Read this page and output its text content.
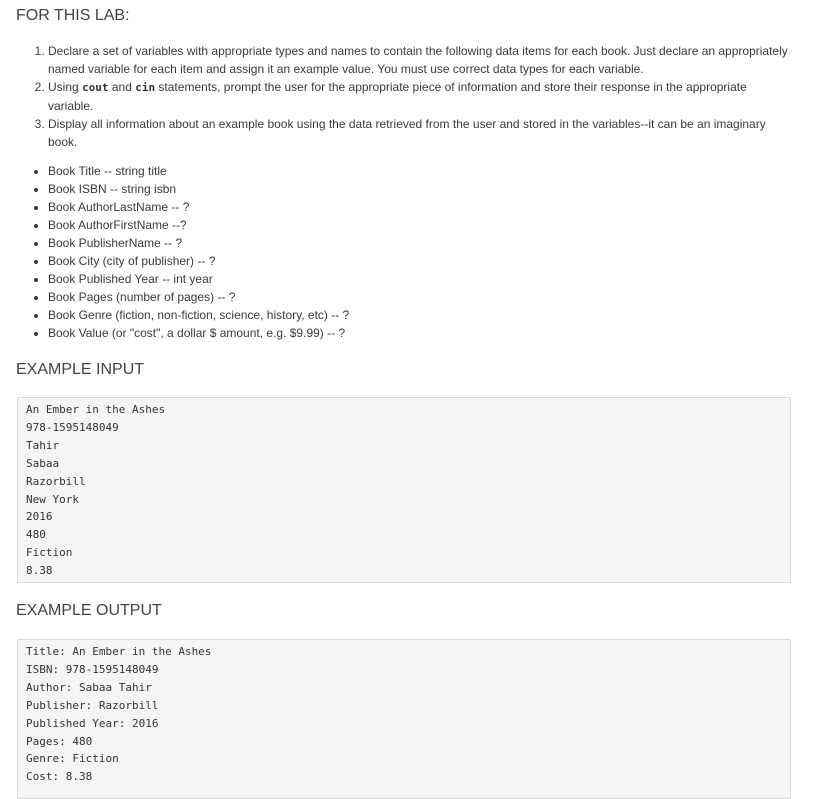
FOR THIS LAB:
1. Declare a set of variables with appropriate types and names to contain the following data items for each book. Just declare an appropriately named variable for each item and assign it an example value. You must use correct data types for each variable.
2. Using cout and cin statements, prompt the user for the appropriate piece of information and store their response in the appropriate variable.
3. Display all information about an example book using the data retrieved from the user and stored in the variables--it can be an imaginary book.
• Book Title -- string title
• Book ISBN -- string isbn
• Book AuthorLastName -- ?
• Book AuthorFirstName --?
• Book PublisherName -- ?
• Book City (city of publisher) -- ?
• Book Published Year -- int year
• Book Pages (number of pages) -- ?
• Book Genre (fiction, non-fiction, science, history, etc) -- ?
• Book Value (or "cost", a dollar $ amount, e.g. $9.99) -- ?
EXAMPLE INPUT
An Ember in the Ashes
978-1595148049
Tahir
Sabaa
Razorbill
New York
2016
480
Fiction
8.38
EXAMPLE OUTPUT
Title: An Ember in the Ashes
ISBN: 978-1595148049
Author: Sabaa Tahir
Publisher: Razorbill
Published Year: 2016
Pages: 480
Genre: Fiction
Cost: 8.38
